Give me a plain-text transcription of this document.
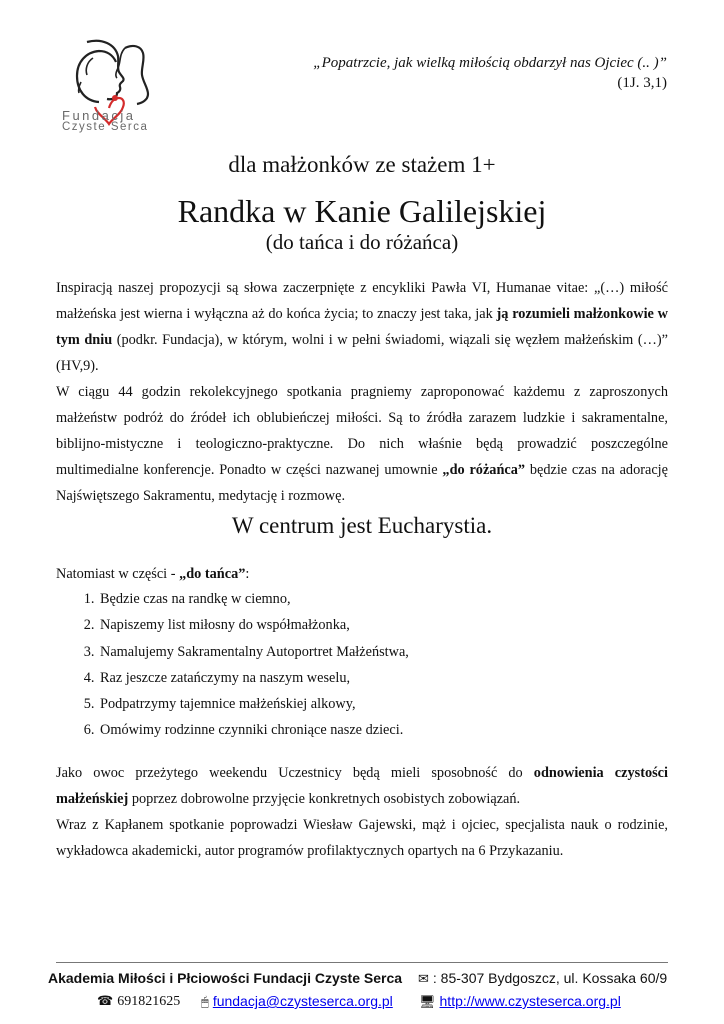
Fundacja
Czyste Serca
„Popatrzcie, jak wielką miłością obdarzył nas Ojciec (.. )”
(1J. 3,1)
dla małżonków ze stażem 1+
Randka w Kanie Galilejskiej
(do tańca i do różańca)
Inspiracją naszej propozycji są słowa zaczerpnięte z encykliki Pawła VI, Humanae vitae: „(…) miłość małżeńska jest wierna i wyłączna aż do końca życia; to znaczy jest taka, jak ją rozumieli małżonkowie w tym dniu (podkr. Fundacja), w którym, wolni i w pełni świadomi, wiązali się węzłem małżeńskim (…)” (HV,9).
W ciągu 44 godzin rekolekcyjnego spotkania pragniemy zaproponować każdemu z zaproszonych małżeństw podróż do źródeł ich oblubieńczej miłości. Są to źródła zarazem ludzkie i sakramentalne, biblijno-mistyczne i teologiczno-praktyczne. Do nich właśnie będą prowadzić poszczególne multimedialne konferencje. Ponadto w części nazwanej umownie „do różańca” będzie czas na adorację Najświętszego Sakramentu, medytację i rozmowę.
W centrum jest Eucharystia.
Natomiast w części - „do tańca”:
1. Będzie czas na randkę w ciemno,
2. Napiszemy list miłosny do współmałżonka,
3. Namalujemy Sakramentalny Autoportret Małżeństwa,
4. Raz jeszcze zatańczymy na naszym weselu,
5. Podpatrzymy tajemnice małżeńskiej alkowy,
6. Omówimy rodzinne czynniki chroniące nasze dzieci.
Jako owoc przeżytego weekendu Uczestnicy będą mieli sposobność do odnowienia czystości małżeńskiej poprzez dobrowolne przyjęcie konkretnych osobistych zobowiązań.
Wraz z Kapłanem spotkanie poprowadzi Wiesław Gajewski, mąż i ojciec, specjalista nauk o rodzinie, wykładowca akademicki, autor programów profilaktycznych opartych na 6 Przykazaniu.
Akademia Miłości i Płciowości Fundacji Czyste Serca ✉ : 85-307 Bydgoszcz, ul. Kossaka 60/9
☎ 691821625 🖱 fundacja@czysteserca.org.pl 🖥 http://www.czysteserca.org.pl
